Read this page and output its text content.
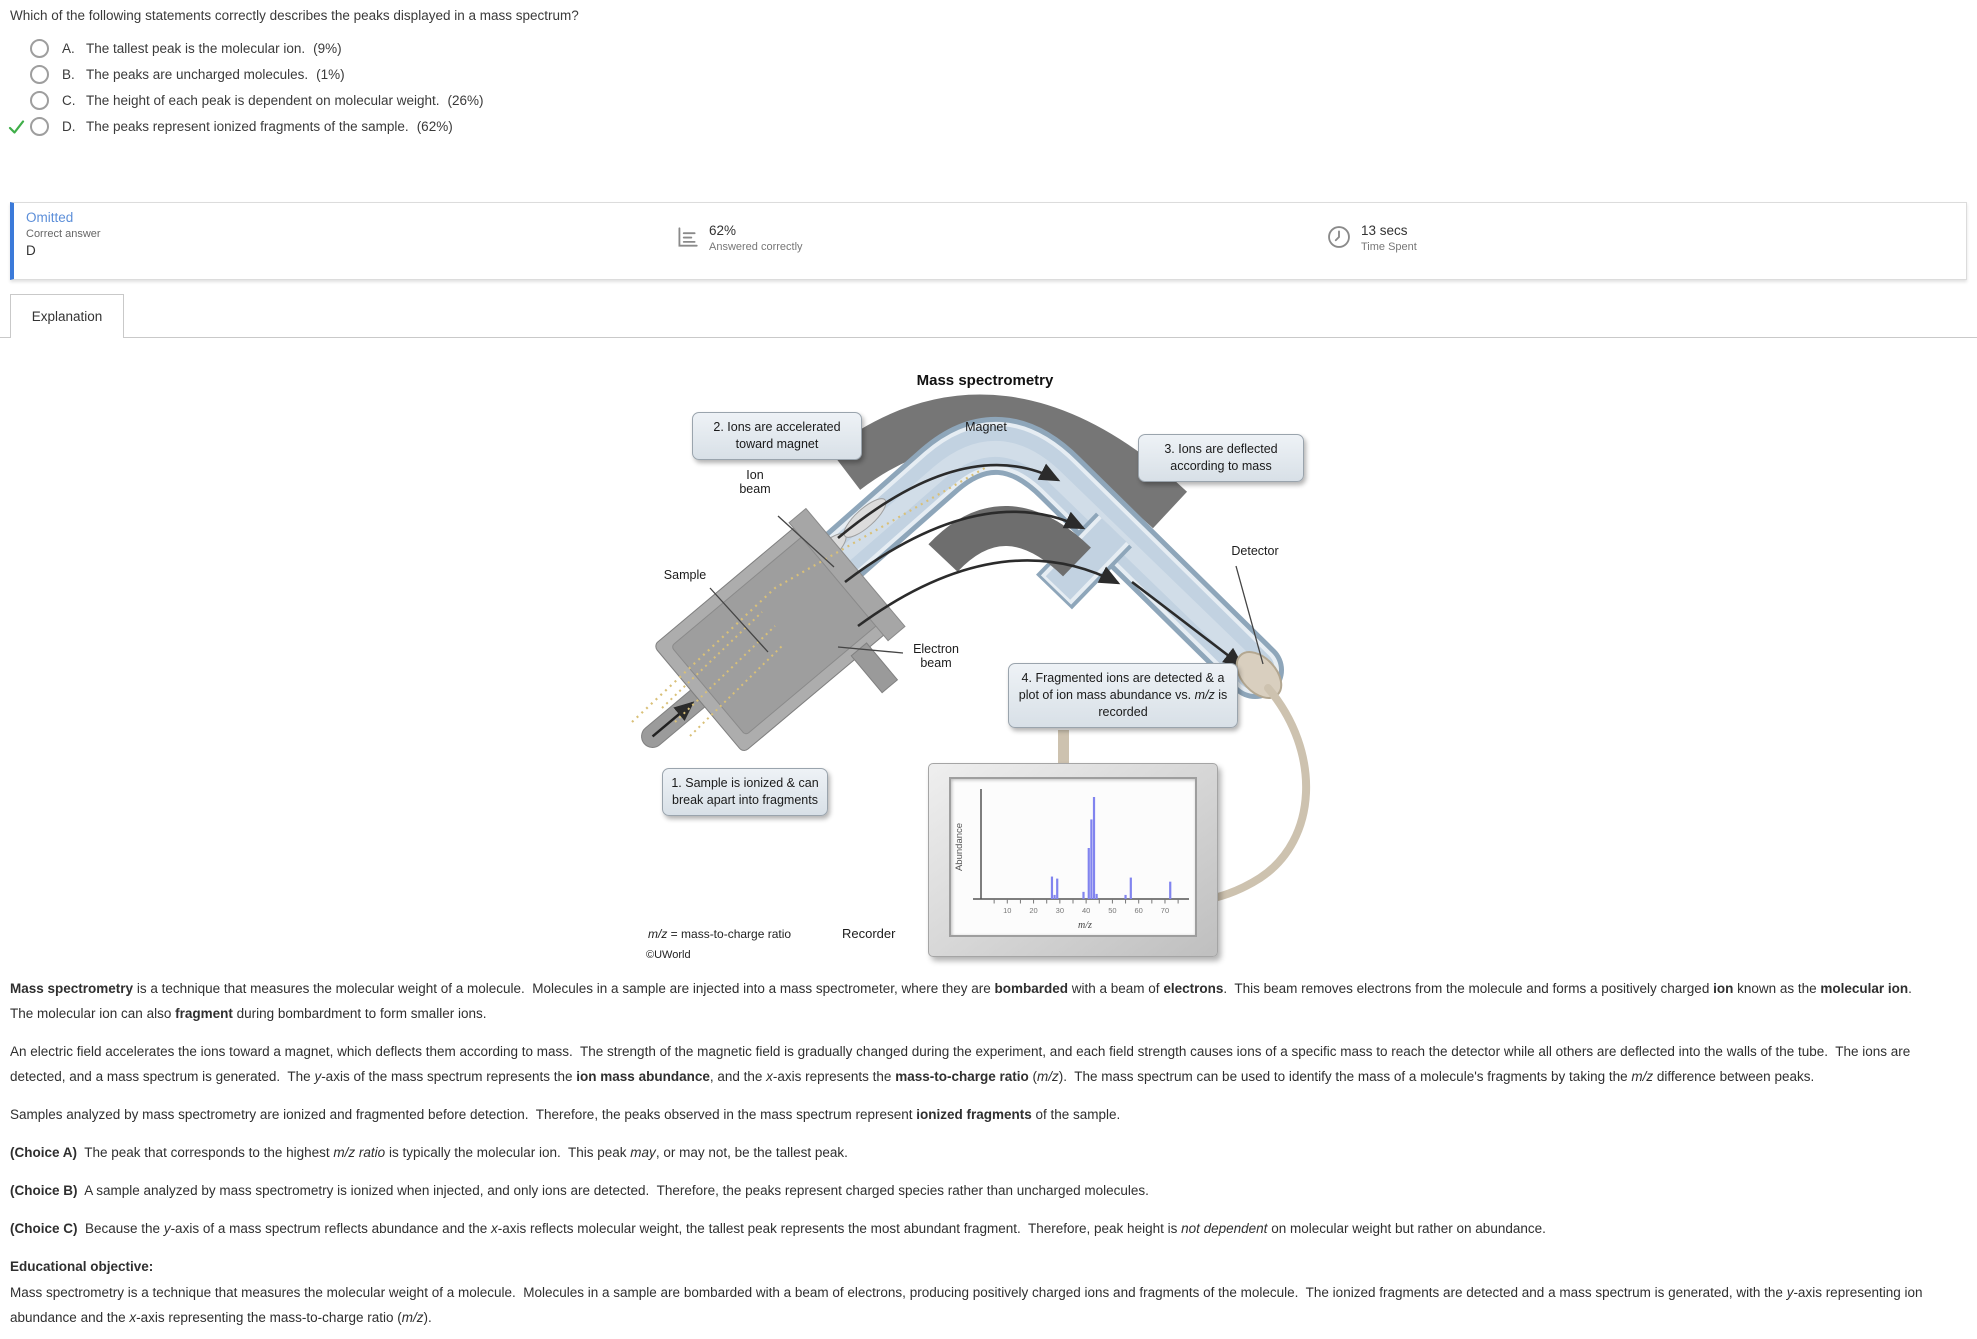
Which of the following statements correctly describes the peaks displayed in a mass spectrum?
A. The tallest peak is the molecular ion. (9%)
B. The peaks are uncharged molecules. (1%)
C. The height of each peak is dependent on molecular weight. (26%)
D. The peaks represent ionized fragments of the sample. (62%)
Omitted
Correct answer
D
62%
Answered correctly
13 secs
Time Spent
Explanation
Mass spectrometry
2. Ions are accelerated toward magnet	3. Ions are deflected according to mass
4. Fragmented ions are detected & a plot of ion mass abundance vs. m/z is recorded
1. Sample is ionized & can break apart into fragments
Magnet
Ion beam
Sample
Electron beam
Detector
10 20 30 40 50 60 70
Abundance
m/z
Recorder
m/z = mass-to-charge ratio
©UWorld

Mass spectrometry is a technique that measures the molecular weight of a molecule.  Molecules in a sample are injected into a mass spectrometer, where they are bombarded with a beam of electrons.  This beam removes electrons from the molecule and forms a positively charged ion known as the molecular ion.  The molecular ion can also fragment during bombardment to form smaller ions.

An electric field accelerates the ions toward a magnet, which deflects them according to mass.  The strength of the magnetic field is gradually changed during the experiment, and each field strength causes ions of a specific mass to reach the detector while all others are deflected into the walls of the tube.  The ions are detected, and a mass spectrum is generated.  The y-axis of the mass spectrum represents the ion mass abundance, and the x-axis represents the mass-to-charge ratio (m/z).  The mass spectrum can be used to identify the mass of a molecule's fragments by taking the m/z difference between peaks.

Samples analyzed by mass spectrometry are ionized and fragmented before detection.  Therefore, the peaks observed in the mass spectrum represent ionized fragments of the sample.

(Choice A)  The peak that corresponds to the highest m/z ratio is typically the molecular ion.  This peak may, or may not, be the tallest peak.

(Choice B)  A sample analyzed by mass spectrometry is ionized when injected, and only ions are detected.  Therefore, the peaks represent charged species rather than uncharged molecules.

(Choice C)  Because the y-axis of a mass spectrum reflects abundance and the x-axis reflects molecular weight, the tallest peak represents the most abundant fragment.  Therefore, peak height is not dependent on molecular weight but rather on abundance.

Educational objective:

Mass spectrometry is a technique that measures the molecular weight of a molecule.  Molecules in a sample are bombarded with a beam of electrons, producing positively charged ions and fragments of the molecule.  The ionized fragments are detected and a mass spectrum is generated, with the y-axis representing ion abundance and the x-axis representing the mass-to-charge ratio (m/z).
